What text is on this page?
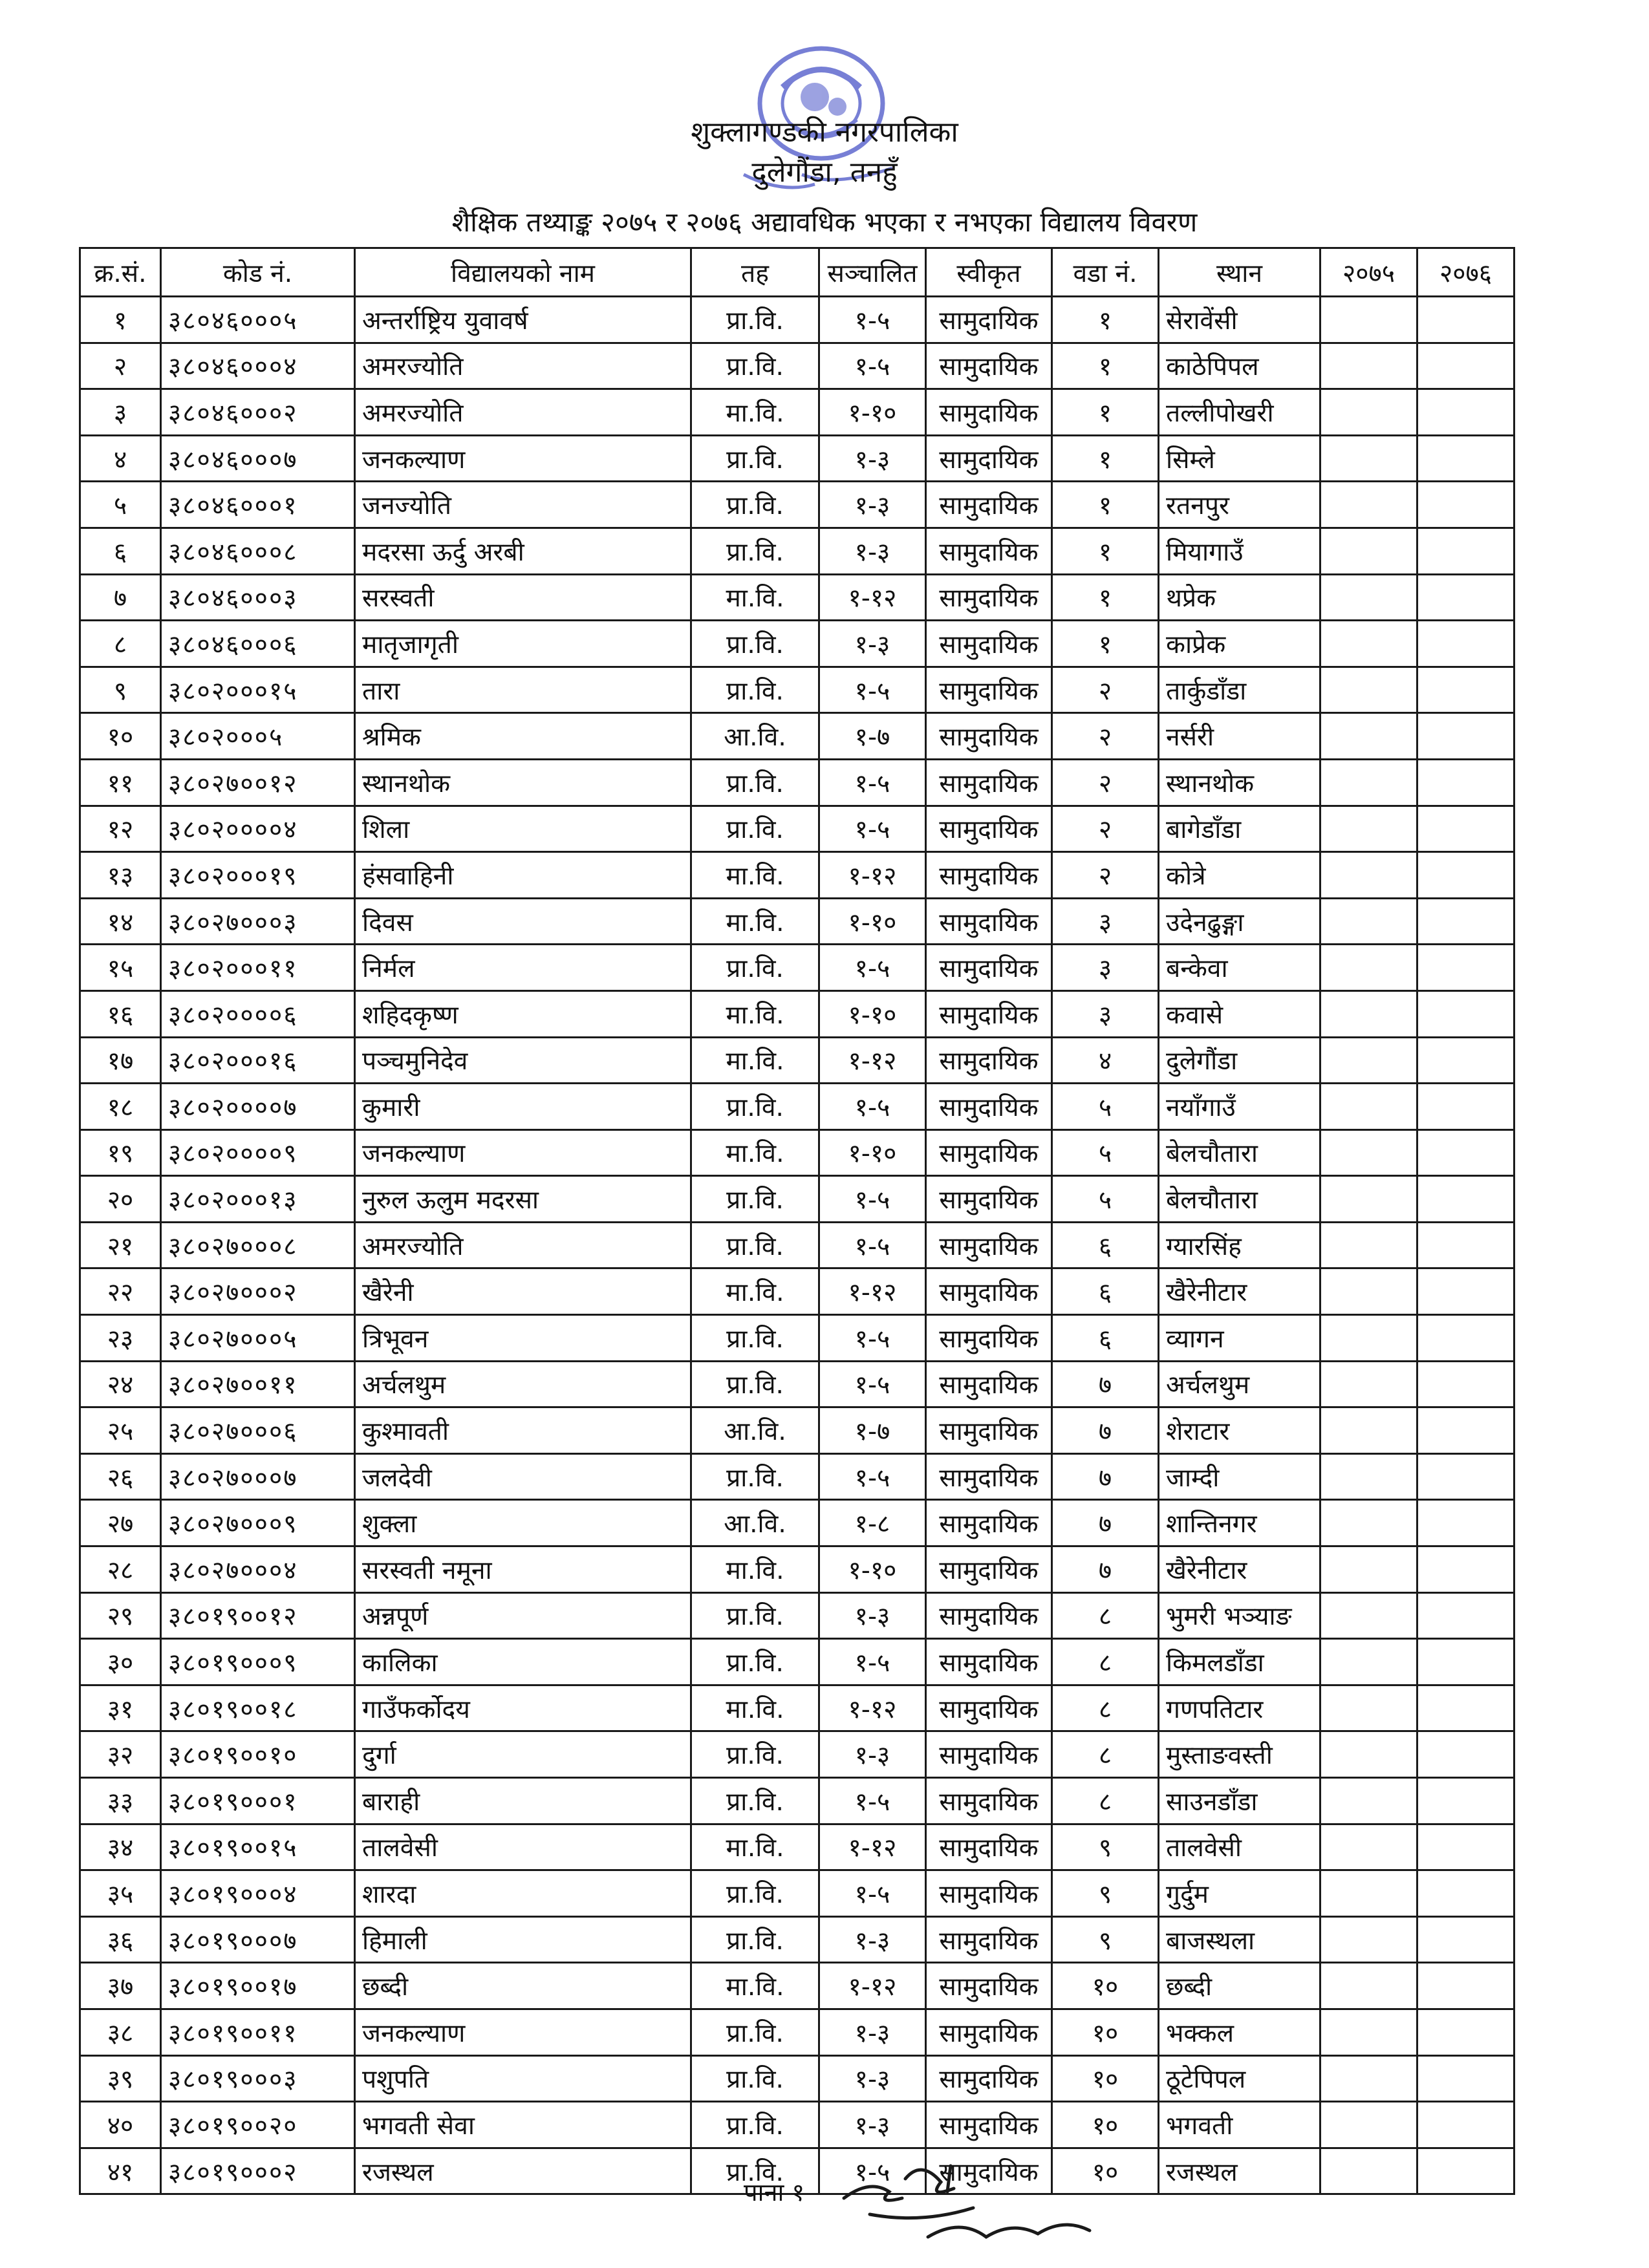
शुक्लागण्डकी नगरपालिका
दुलेगौंडा, तनहुँ
शैक्षिक तथ्याङ्क २०७५ र २०७६ अद्यावधिक भएका र नभएका विद्यालय विवरण
क्र.सं.	कोड नं.	विद्यालयको नाम	तह	सञ्चालित	स्वीकृत	वडा नं.	स्थान	२०७५	२०७६
१	३८०४६०००५	अन्तर्राष्ट्रिय युवावर्ष	प्रा.वि.	१-५	सामुदायिक	१	सेरावेंसी		
२	३८०४६०००४	अमरज्योति	प्रा.वि.	१-५	सामुदायिक	१	काठेपिपल		
३	३८०४६०००२	अमरज्योति	मा.वि.	१-१०	सामुदायिक	१	तल्लीपोखरी		
४	३८०४६०००७	जनकल्याण	प्रा.वि.	१-३	सामुदायिक	१	सिम्ले		
५	३८०४६०००१	जनज्योति	प्रा.वि.	१-३	सामुदायिक	१	रतनपुर		
६	३८०४६०००८	मदरसा ऊर्दु अरबी	प्रा.वि.	१-३	सामुदायिक	१	मियागाउँ		
७	३८०४६०००३	सरस्वती	मा.वि.	१-१२	सामुदायिक	१	थप्रेक		
८	३८०४६०००६	मातृजागृती	प्रा.वि.	१-३	सामुदायिक	१	काप्रेक		
९	३८०२०००१५	तारा	प्रा.वि.	१-५	सामुदायिक	२	तार्कुडाँडा		
१०	३८०२०००५	श्रमिक	आ.वि.	१-७	सामुदायिक	२	नर्सरी		
११	३८०२७००१२	स्थानथोक	प्रा.वि.	१-५	सामुदायिक	२	स्थानथोक		
१२	३८०२००००४	शिला	प्रा.वि.	१-५	सामुदायिक	२	बागेडाँडा		
१३	३८०२०००१९	हंसवाहिनी	मा.वि.	१-१२	सामुदायिक	२	कोत्रे		
१४	३८०२७०००३	दिवस	मा.वि.	१-१०	सामुदायिक	३	उदेनढुङ्गा		
१५	३८०२०००११	निर्मल	प्रा.वि.	१-५	सामुदायिक	३	बन्केवा		
१६	३८०२००००६	शहिदकृष्ण	मा.वि.	१-१०	सामुदायिक	३	कवासे		
१७	३८०२०००१६	पञ्चमुनिदेव	मा.वि.	१-१२	सामुदायिक	४	दुलेगौंडा		
१८	३८०२००००७	कुमारी	प्रा.वि.	१-५	सामुदायिक	५	नयाँगाउँ		
१९	३८०२००००९	जनकल्याण	मा.वि.	१-१०	सामुदायिक	५	बेलचौतारा		
२०	३८०२०००१३	नुरुल ऊलुम मदरसा	प्रा.वि.	१-५	सामुदायिक	५	बेलचौतारा		
२१	३८०२७०००८	अमरज्योति	प्रा.वि.	१-५	सामुदायिक	६	ग्यारसिंह		
२२	३८०२७०००२	खैरेनी	मा.वि.	१-१२	सामुदायिक	६	खैरेनीटार		
२३	३८०२७०००५	त्रिभूवन	प्रा.वि.	१-५	सामुदायिक	६	व्यागन		
२४	३८०२७००११	अर्चलथुम	प्रा.वि.	१-५	सामुदायिक	७	अर्चलथुम		
२५	३८०२७०००६	कुश्मावती	आ.वि.	१-७	सामुदायिक	७	शेराटार		
२६	३८०२७०००७	जलदेवी	प्रा.वि.	१-५	सामुदायिक	७	जाम्दी		
२७	३८०२७०००९	शुक्ला	आ.वि.	१-८	सामुदायिक	७	शान्तिनगर		
२८	३८०२७०००४	सरस्वती नमूना	मा.वि.	१-१०	सामुदायिक	७	खैरेनीटार		
२९	३८०१९००१२	अन्नपूर्ण	प्रा.वि.	१-३	सामुदायिक	८	भुमरी भञ्याङ		
३०	३८०१९०००९	कालिका	प्रा.वि.	१-५	सामुदायिक	८	किमलडाँडा		
३१	३८०१९००१८	गाउँफर्कोदय	मा.वि.	१-१२	सामुदायिक	८	गणपतिटार		
३२	३८०१९००१०	दुर्गा	प्रा.वि.	१-३	सामुदायिक	८	मुस्ताङवस्ती		
३३	३८०१९०००१	बाराही	प्रा.वि.	१-५	सामुदायिक	८	साउनडाँडा		
३४	३८०१९००१५	तालवेसी	मा.वि.	१-१२	सामुदायिक	९	तालवेसी		
३५	३८०१९०००४	शारदा	प्रा.वि.	१-५	सामुदायिक	९	गुर्दुम		
३६	३८०१९०००७	हिमाली	प्रा.वि.	१-३	सामुदायिक	९	बाजस्थला		
३७	३८०१९००१७	छब्दी	मा.वि.	१-१२	सामुदायिक	१०	छब्दी		
३८	३८०१९००११	जनकल्याण	प्रा.वि.	१-३	सामुदायिक	१०	भक्कल		
३९	३८०१९०००३	पशुपति	प्रा.वि.	१-३	सामुदायिक	१०	ठूटेपिपल		
४०	३८०१९००२०	भगवती सेवा	प्रा.वि.	१-३	सामुदायिक	१०	भगवती		
४१	३८०१९०००२	रजस्थल	प्रा.वि.	१-५	सामुदायिक	१०	रजस्थल		
पाना १
